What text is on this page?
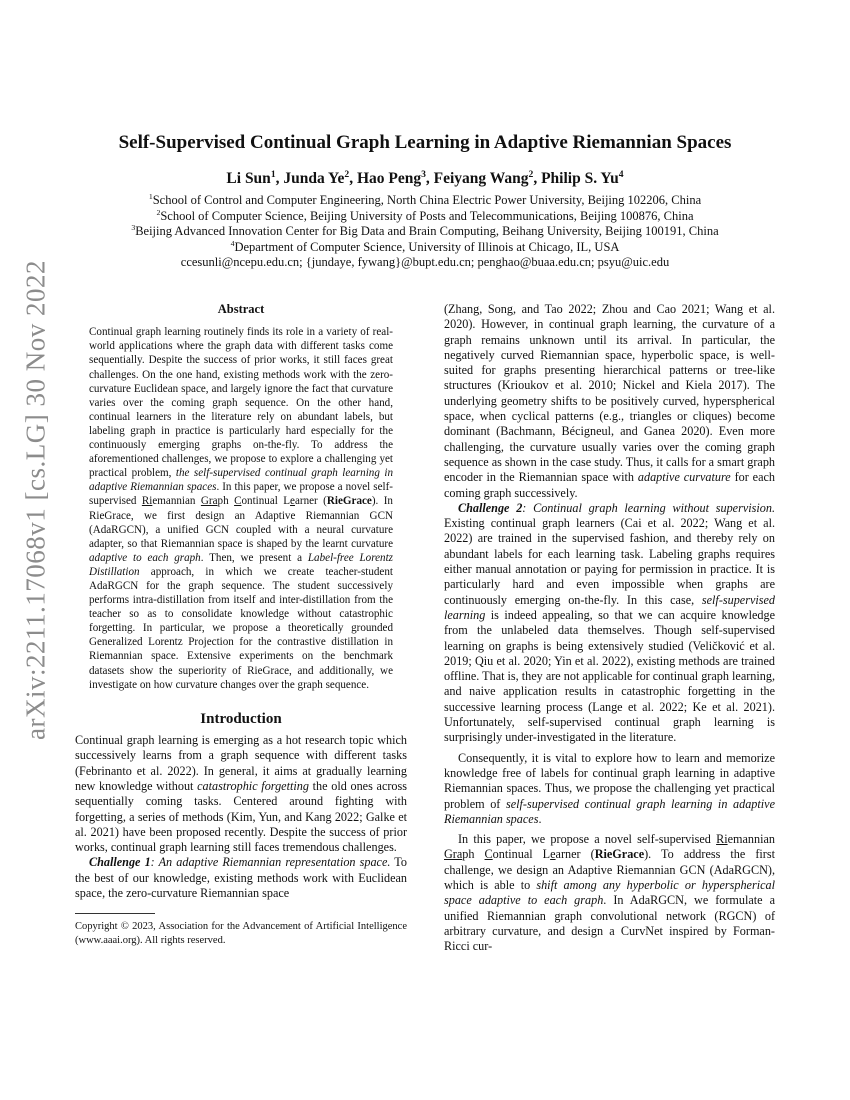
arXiv:2211.17068v1 [cs.LG] 30 Nov 2022
Self-Supervised Continual Graph Learning in Adaptive Riemannian Spaces
Li Sun$^1$, Junda Ye$^2$, Hao Peng$^3$, Feiyang Wang$^2$, Philip S. Yu$^4$
$^1$School of Control and Computer Engineering, North China Electric Power University, Beijing 102206, China
$^2$School of Computer Science, Beijing University of Posts and Telecommunications, Beijing 100876, China
$^3$Beijing Advanced Innovation Center for Big Data and Brain Computing, Beihang University, Beijing 100191, China
$^4$Department of Computer Science, University of Illinois at Chicago, IL, USA
ccesunli@ncepu.edu.cn; {jundaye, fywang}@bupt.edu.cn; penghao@buaa.edu.cn; psyu@uic.edu
Abstract
Continual graph learning routinely finds its role in a variety of real-world applications where the graph data with different tasks come sequentially. Despite the success of prior works, it still faces great challenges. On the one hand, existing methods work with the zero-curvature Euclidean space, and largely ignore the fact that curvature varies over the coming graph sequence. On the other hand, continual learners in the literature rely on abundant labels, but labeling graph in practice is particularly hard especially for the continuously emerging graphs on-the-fly. To address the aforementioned challenges, we propose to explore a challenging yet practical problem, the self-supervised continual graph learning in adaptive Riemannian spaces. In this paper, we propose a novel self-supervised Riemannian Graph Continual Learner (RieGrace). In RieGrace, we first design an Adaptive Riemannian GCN (AdaRGCN), a unified GCN coupled with a neural curvature adapter, so that Riemannian space is shaped by the learnt curvature adaptive to each graph. Then, we present a Label-free Lorentz Distillation approach, in which we create teacher-student AdaRGCN for the graph sequence. The student successively performs intra-distillation from itself and inter-distillation from the teacher so as to consolidate knowledge without catastrophic forgetting. In particular, we propose a theoretically grounded Generalized Lorentz Projection for the contrastive distillation in Riemannian space. Extensive experiments on the benchmark datasets show the superiority of RieGrace, and additionally, we investigate on how curvature changes over the graph sequence.
Introduction

Continual graph learning is emerging as a hot research topic which successively learns from a graph sequence with different tasks (Febrinanto et al. 2022). In general, it aims at gradually learning new knowledge without catastrophic forgetting the old ones across sequentially coming tasks. Centered around fighting with forgetting, a series of methods (Kim, Yun, and Kang 2022; Galke et al. 2021) have been proposed recently. Despite the success of prior works, continual graph learning still faces tremendous challenges.

Challenge 1: An adaptive Riemannian representation space. To the best of our knowledge, existing methods work with Euclidean space, the zero-curvature Riemannian space

Copyright © 2023, Association for the Advancement of Artificial Intelligence (www.aaai.org). All rights reserved.

(Zhang, Song, and Tao 2022; Zhou and Cao 2021; Wang et al. 2020). However, in continual graph learning, the curvature of a graph remains unknown until its arrival. In particular, the negatively curved Riemannian space, hyperbolic space, is well-suited for graphs presenting hierarchical patterns or tree-like structures (Krioukov et al. 2010; Nickel and Kiela 2017). The underlying geometry shifts to be positively curved, hyperspherical space, when cyclical patterns (e.g., triangles or cliques) become dominant (Bachmann, Bécigneul, and Ganea 2020). Even more challenging, the curvature usually varies over the coming graph sequence as shown in the case study. Thus, it calls for a smart graph encoder in the Riemannian space with adaptive curvature for each coming graph successively.

Challenge 2: Continual graph learning without supervision. Existing continual graph learners (Cai et al. 2022; Wang et al. 2022) are trained in the supervised fashion, and thereby rely on abundant labels for each learning task. Labeling graphs requires either manual annotation or paying for permission in practice. It is particularly hard and even impossible when graphs are continuously emerging on-the-fly. In this case, self-supervised learning is indeed appealing, so that we can acquire knowledge from the unlabeled data themselves. Though self-supervised learning on graphs is being extensively studied (Veličković et al. 2019; Qiu et al. 2020; Yin et al. 2022), existing methods are trained offline. That is, they are not applicable for continual graph learning, and naive application results in catastrophic forgetting in the successive learning process (Lange et al. 2022; Ke et al. 2021). Unfortunately, self-supervised continual graph learning is surprisingly under-investigated in the literature.

Consequently, it is vital to explore how to learn and memorize knowledge free of labels for continual graph learning in adaptive Riemannian spaces. Thus, we propose the challenging yet practical problem of self-supervised continual graph learning in adaptive Riemannian spaces.

In this paper, we propose a novel self-supervised Riemannian Graph Continual Learner (RieGrace). To address the first challenge, we design an Adaptive Riemannian GCN (AdaRGCN), which is able to shift among any hyperbolic or hyperspherical space adaptive to each graph. In AdaRGCN, we formulate a unified Riemannian graph convolutional network (RGCN) of arbitrary curvature, and design a CurvNet inspired by Forman-Ricci cur-
